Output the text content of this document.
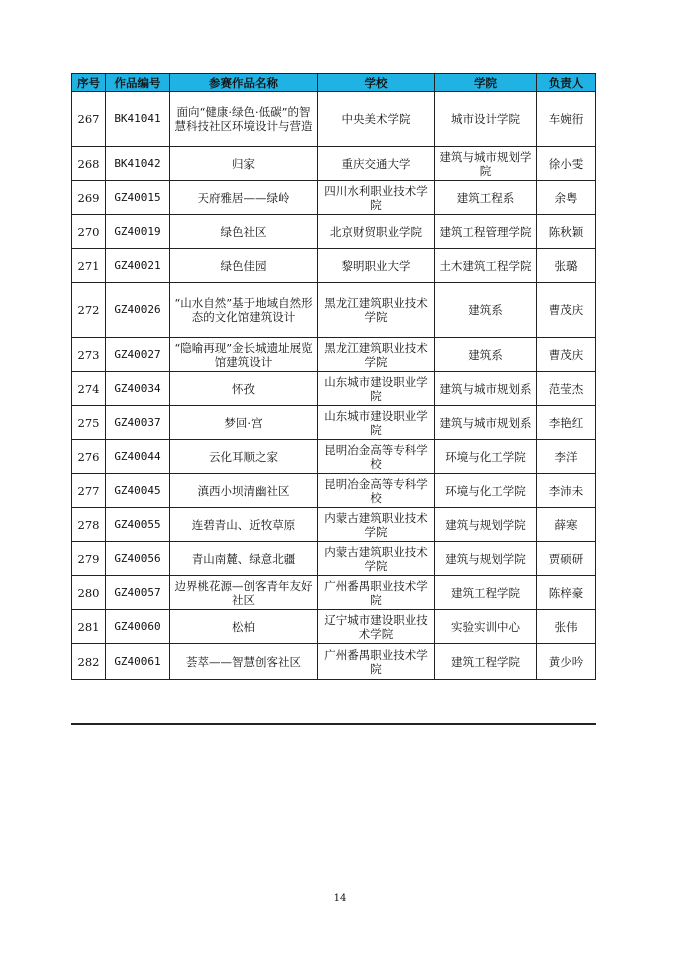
序号	作品编号	参赛作品名称	学校	学院	负责人
267	BK41041	面向“健康·绿色·低碳”的智慧科技社区环境设计与营造	中央美术学院	城市设计学院	车婉衎
268	BK41042	归家	重庆交通大学	建筑与城市规划学院	徐小雯
269	GZ40015	天府雅居——绿岭	四川水利职业技术学院	建筑工程系	余粤
270	GZ40019	绿色社区	北京财贸职业学院	建筑工程管理学院	陈秋颖
271	GZ40021	绿色佳园	黎明职业大学	土木建筑工程学院	张璐
272	GZ40026	“山水自然”基于地域自然形态的文化馆建筑设计	黑龙江建筑职业技术学院	建筑系	曹茂庆
273	GZ40027	“隐喻再现”金长城遗址展览馆建筑设计	黑龙江建筑职业技术学院	建筑系	曹茂庆
274	GZ40034	怀孜	山东城市建设职业学院	建筑与城市规划系	范莹杰
275	GZ40037	梦回·宫	山东城市建设职业学院	建筑与城市规划系	李艳红
276	GZ40044	云化耳顺之家	昆明冶金高等专科学校	环境与化工学院	李洋
277	GZ40045	滇西小坝清幽社区	昆明冶金高等专科学校	环境与化工学院	李沛未
278	GZ40055	连碧青山、近牧草原	内蒙古建筑职业技术学院	建筑与规划学院	薛寒
279	GZ40056	青山南麓、绿意北疆	内蒙古建筑职业技术学院	建筑与规划学院	贾硕研
280	GZ40057	边界桃花源—创客青年友好社区	广州番禺职业技术学院	建筑工程学院	陈梓豪
281	GZ40060	松柏	辽宁城市建设职业技术学院	实验实训中心	张伟
282	GZ40061	荟萃——智慧创客社区	广州番禺职业技术学院	建筑工程学院	黄少吟
14
